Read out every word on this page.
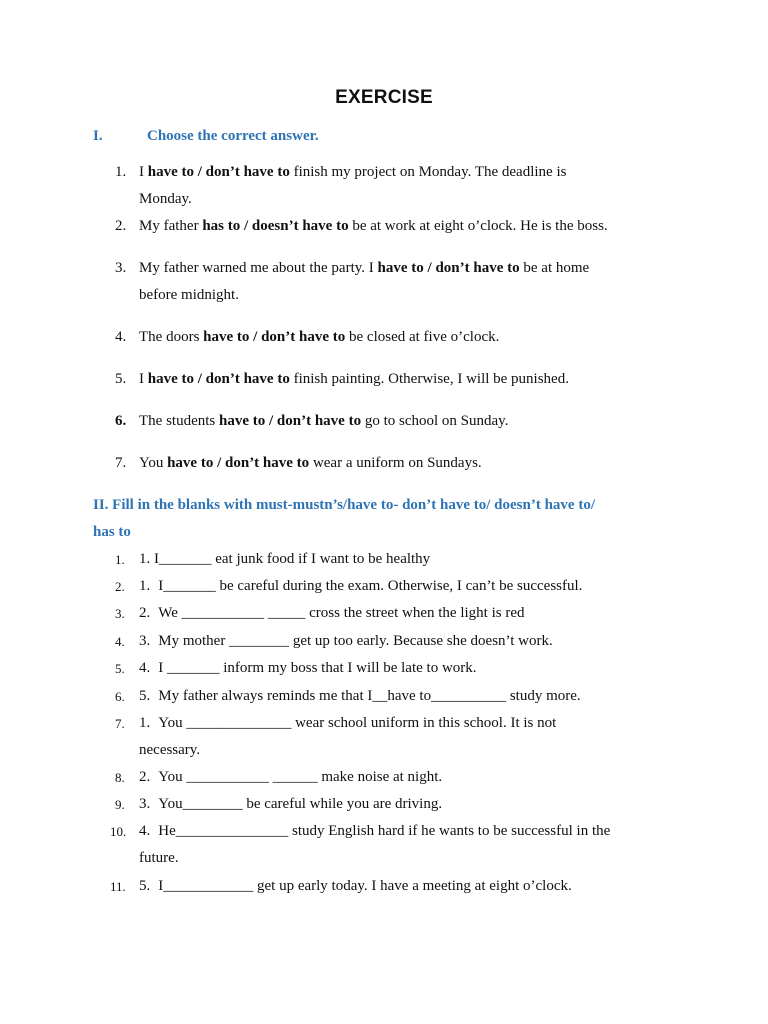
EXERCISE
I.	Choose the correct answer.
1. I have to / don’t have to finish my project on Monday. The deadline is
Monday.
2. My father has to / doesn’t have to be at work at eight o’clock. He is the boss.
3. My father warned me about the party. I have to / don’t have to be at home
before midnight.
4. The doors have to / don’t have to be closed at five o’clock.
5. I have to / don’t have to finish painting. Otherwise, I will be punished.
6. The students have to / don’t have to go to school on Sunday.
7. You have to / don’t have to wear a uniform on Sundays.
II. Fill in the blanks with must-mustn’s/have to- don’t have to/ doesn’t have to/
has to
1. 1. I_______ eat junk food if I want to be healthy
2. 1. I_______ be careful during the exam. Otherwise, I can’t be successful.
3. 2. We ___________ _____ cross the street when the light is red
4. 3. My mother ________ get up too early. Because she doesn’t work.
5. 4. I _______ inform my boss that I will be late to work.
6. 5. My father always reminds me that I__have to__________ study more.
7. 1. You ______________ wear school uniform in this school. It is not
necessary.
8. 2. You ___________ ______ make noise at night.
9. 3. You________ be careful while you are driving.
10. 4. He_______________ study English hard if he wants to be successful in the
future.
11. 5. I____________ get up early today. I have a meeting at eight o’clock.
